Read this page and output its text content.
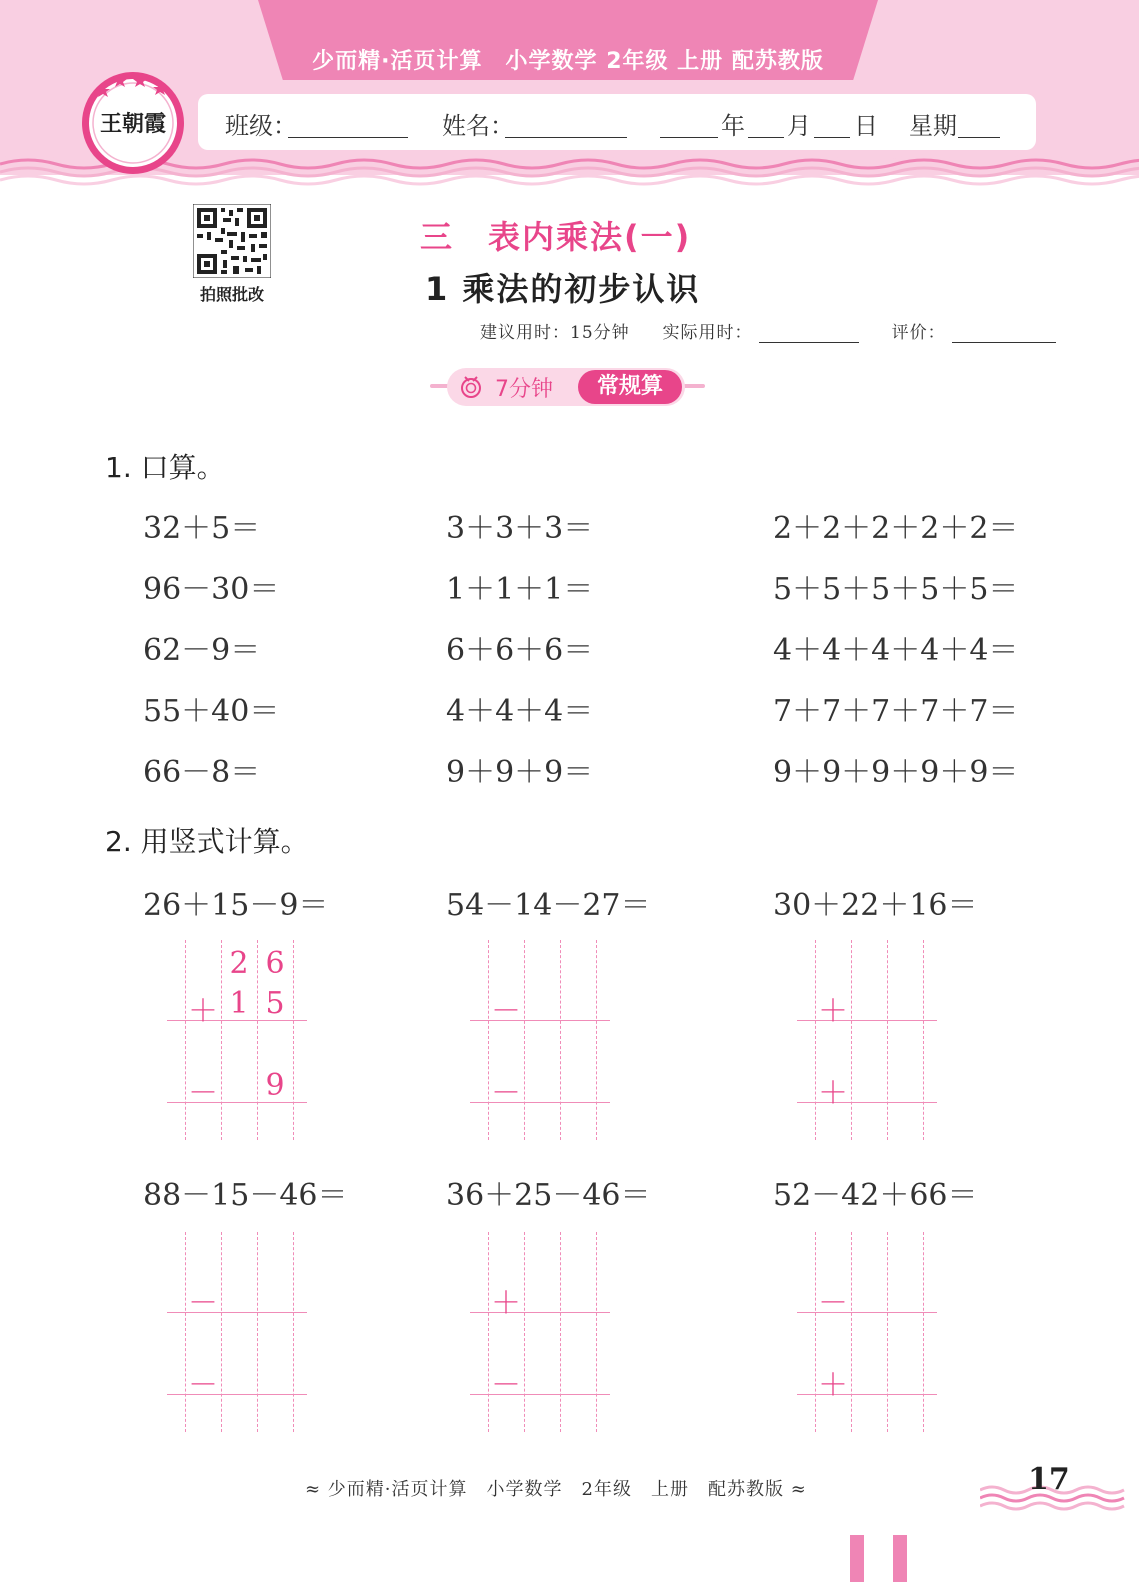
少而精·活页计算　小学数学 2年级 上册 配苏教版
班级：	姓名：	年 月 日 星期
王朝霞
拍照批改
三　表内乘法(一)
1 乘法的初步认识
建议用时：15分钟 实际用时：	评价：
7分钟	常规算
1. 口算。
32＋5＝	3＋3＋3＝	2＋2＋2＋2＋2＝
96－30＝	1＋1＋1＝	5＋5＋5＋5＋5＝
62－9＝	6＋6＋6＝	4＋4＋4＋4＋4＝
55＋40＝	4＋4＋4＝	7＋7＋7＋7＋7＝
66－8＝	9＋9＋9＝	9＋9＋9＋9＋9＝
2. 用竖式计算。
26＋15－9＝
2 6
＋ 1 5
－ 9
54－14－27＝
－
－
30＋22＋16＝
＋
＋
88－15－46＝
－
－
36＋25－46＝
＋
－
52－42＋66＝
－
＋
≈ 少而精·活页计算　小学数学　2年级　上册　配苏教版 ≈	17
